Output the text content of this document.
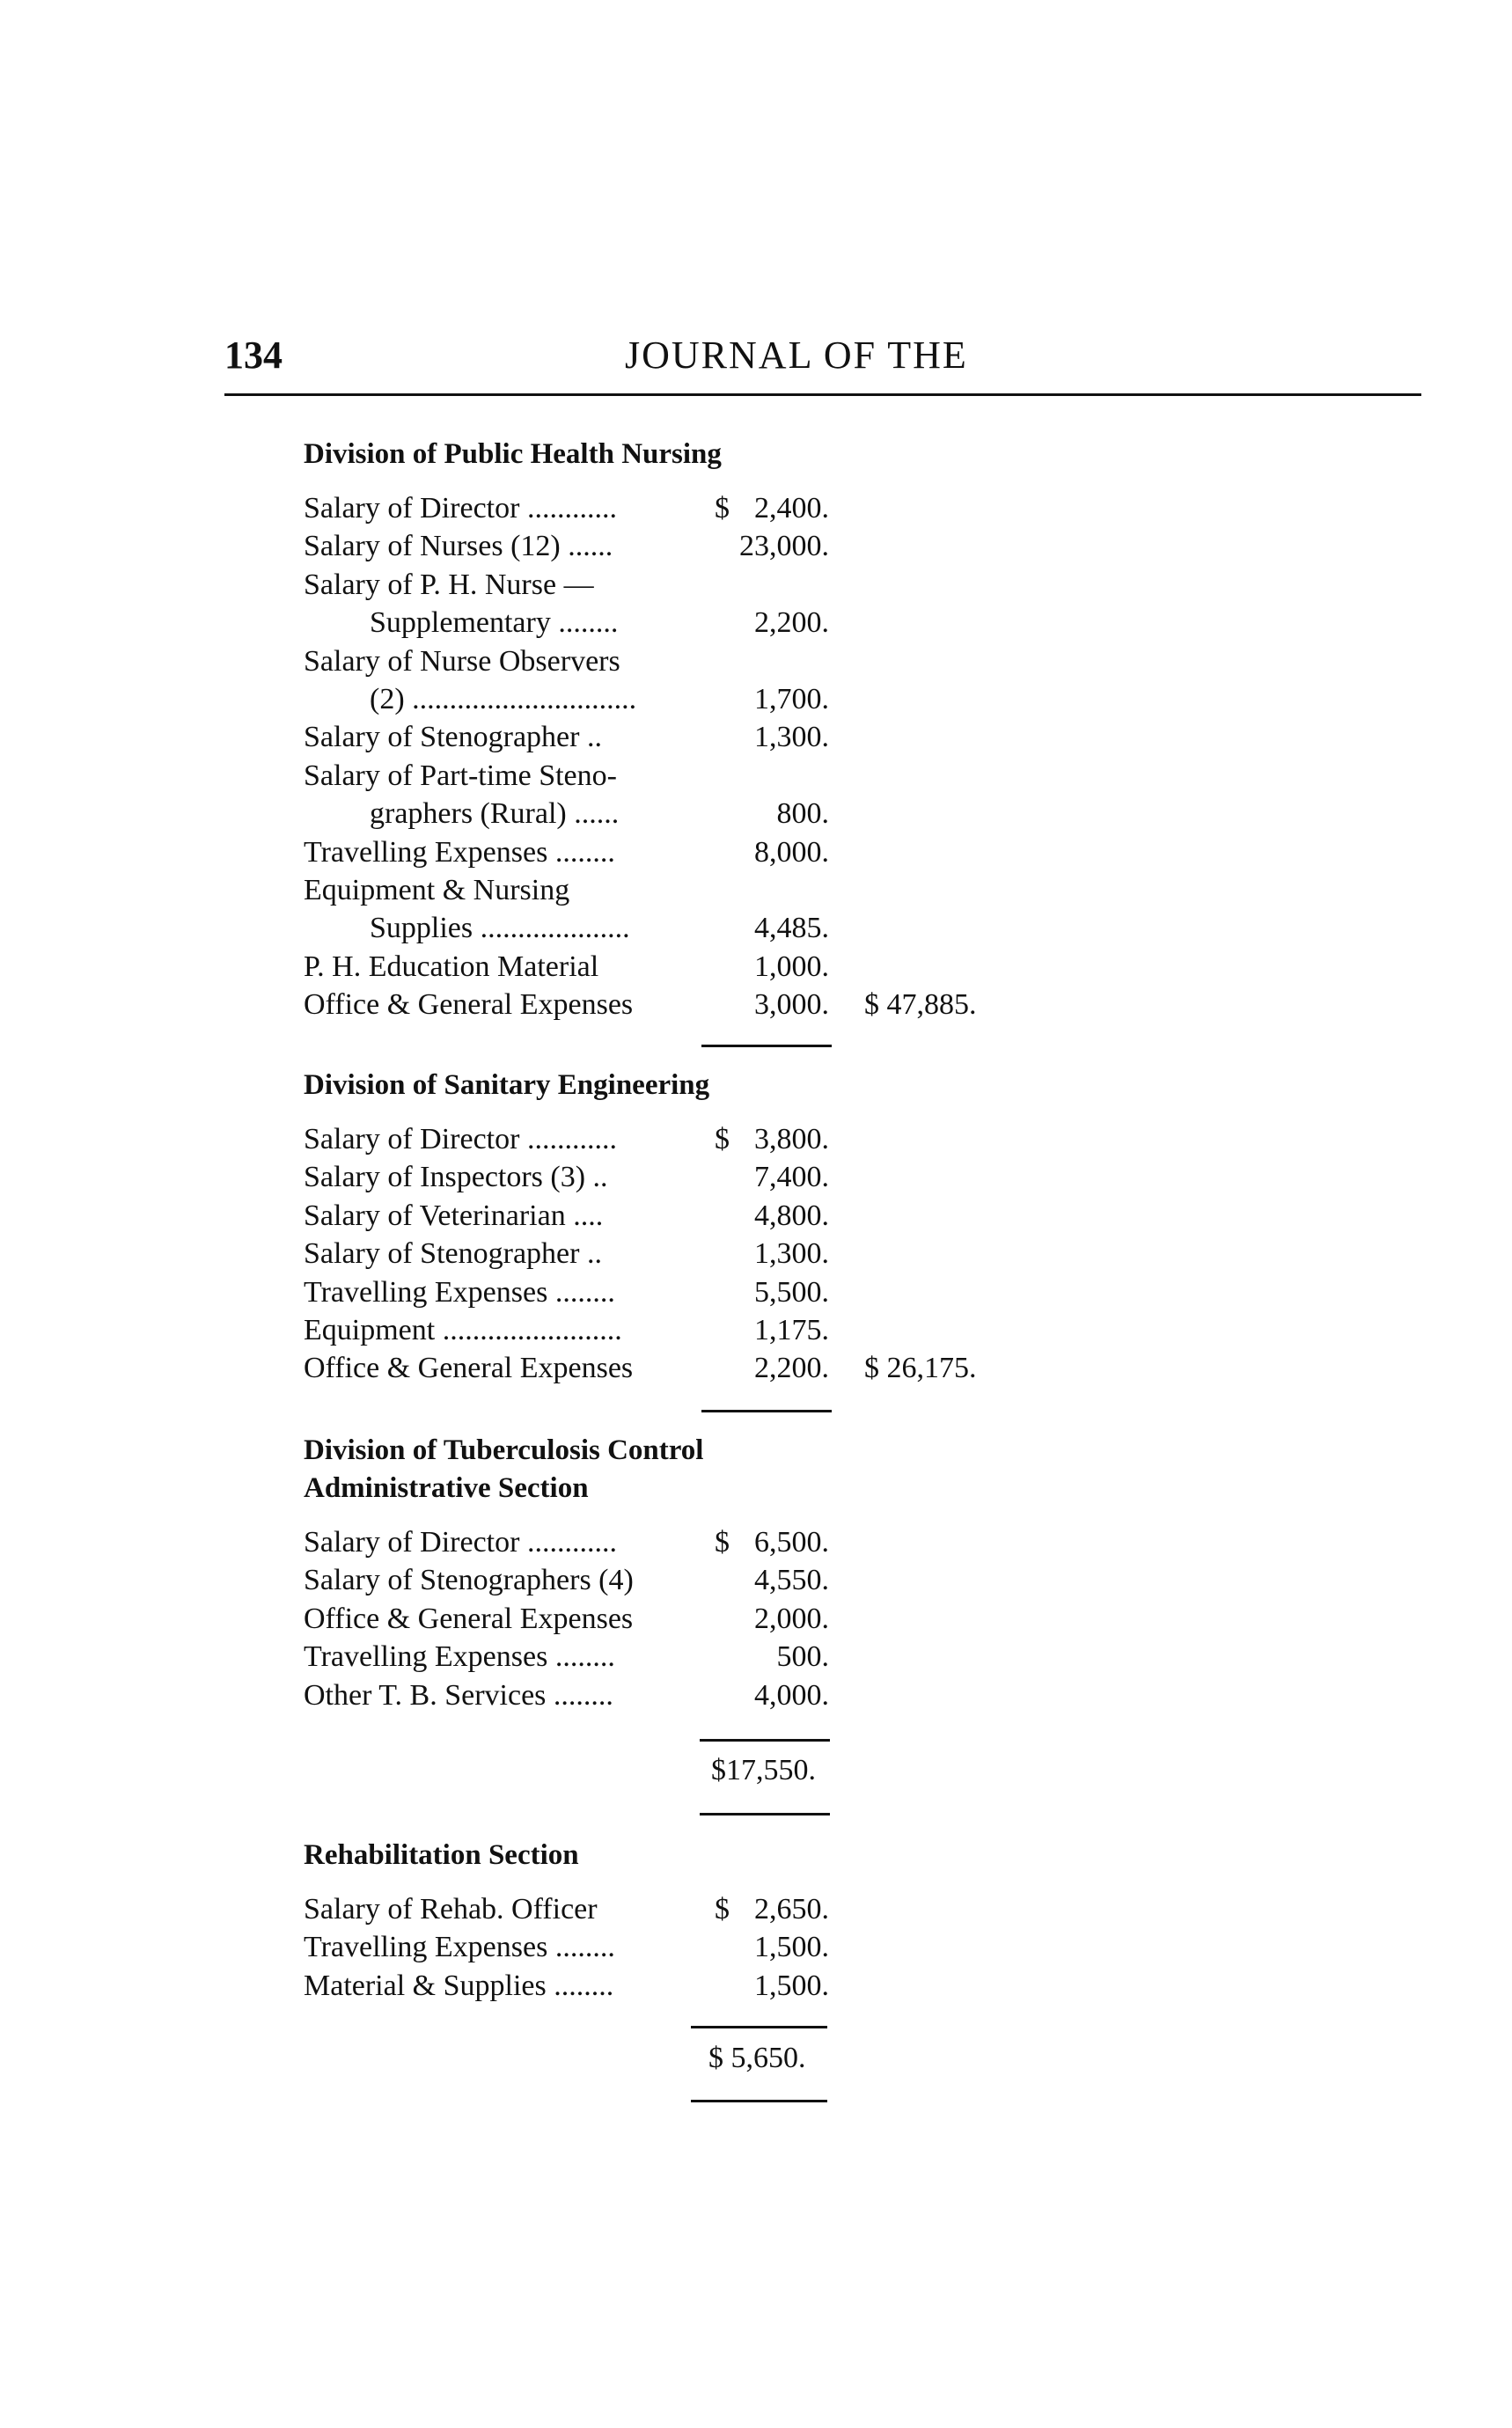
134	JOURNAL OF THE
Division of Public Health Nursing
Salary of Director ............	$ 2,400.
Salary of Nurses (12) ......	23,000.
Salary of P. H. Nurse —
Supplementary ........	2,200.
Salary of Nurse Observers
(2) ..............................	1,700.
Salary of Stenographer ..	1,300.
Salary of Part-time Steno-
graphers (Rural) ......	800.
Travelling Expenses ........	8,000.
Equipment & Nursing
Supplies ....................	4,485.
P. H. Education Material	1,000.
Office & General Expenses	3,000. $ 47,885.
Division of Sanitary Engineering
Salary of Director ............	$ 3,800.
Salary of Inspectors (3) ..	7,400.
Salary of Veterinarian ....	4,800.
Salary of Stenographer ..	1,300.
Travelling Expenses ........	5,500.
Equipment ........................	1,175.
Office & General Expenses	2,200. $ 26,175.
Division of Tuberculosis Control
Administrative Section
Salary of Director ............	$ 6,500.
Salary of Stenographers (4)	4,550.
Office & General Expenses	2,000.
Travelling Expenses ........	500.
Other T. B. Services ........	4,000.
$17,550.
Rehabilitation Section
Salary of Rehab. Officer	$ 2,650.
Travelling Expenses ........	1,500.
Material & Supplies ........	1,500.
$ 5,650.
